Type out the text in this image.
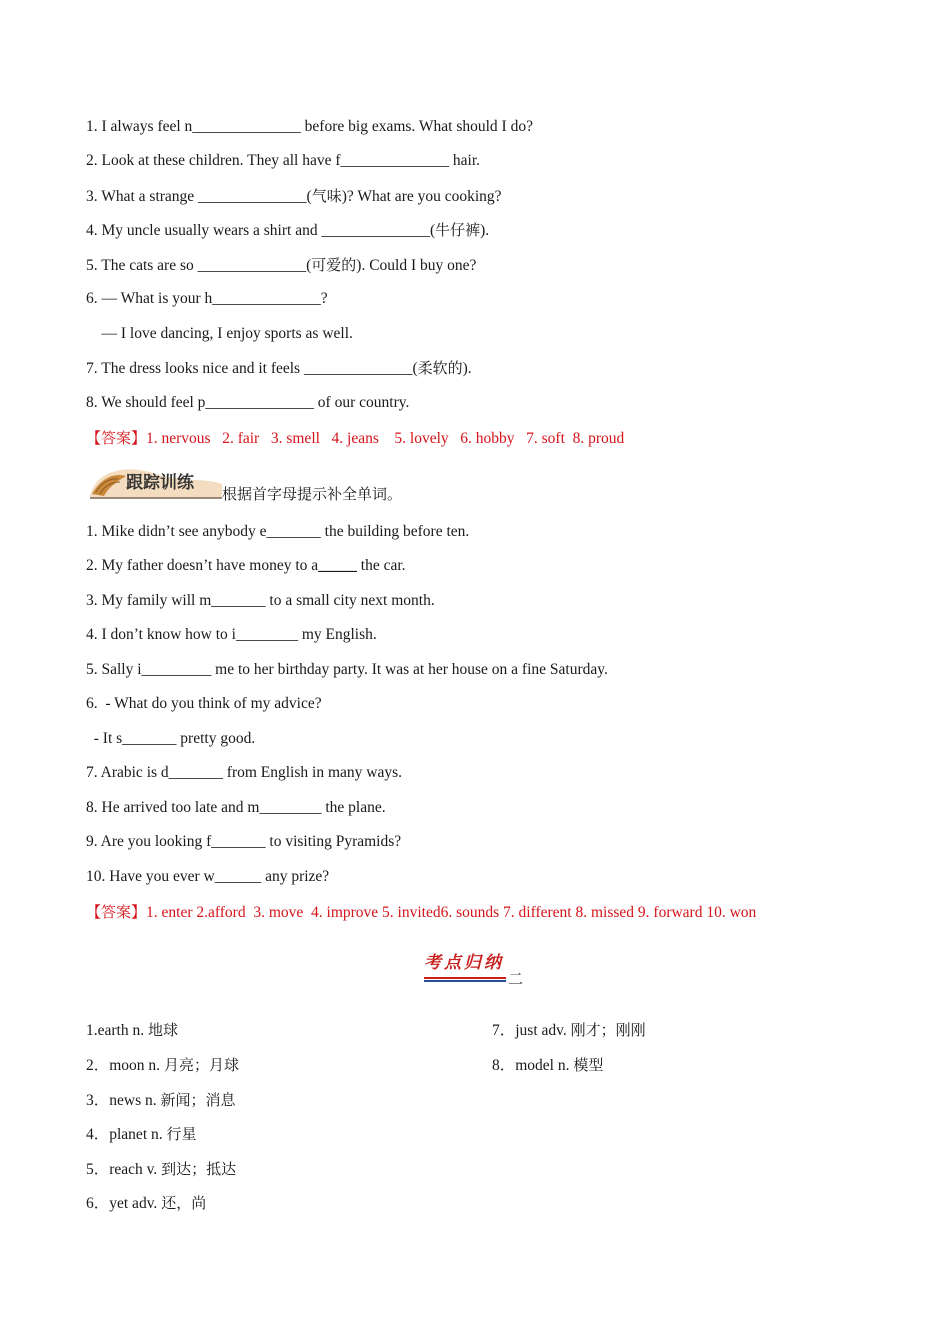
1. I always feel n______________ before big exams. What should I do?
2. Look at these children. They all have f______________ hair.
3. What a strange ______________(气味)? What are you cooking?
4. My uncle usually wears a shirt and ______________(牛仔裤).
5. The cats are so ______________(可爱的). Could I buy one?
6. — What is your h______________?
— I love dancing, I enjoy sports as well.
7. The dress looks nice and it feels ______________(柔软的).
8. We should feel p______________ of our country.
【答案】1. nervous   2. fair   3. smell   4. jeans    5. lovely   6. hobby   7. soft  8. proud
跟踪训练
根据首字母提示补全单词。
1. Mike didn’t see anybody e_______ the building before ten.
2. My father doesn’t have money to a_____ the car.
3. My family will m_______ to a small city next month.
4. I don’t know how to i________ my English.
5. Sally i_________ me to her birthday party. It was at her house on a fine Saturday.
6.  - What do you think of my advice?
- It s_______ pretty good.
7. Arabic is d_______ from English in many ways.
8. He arrived too late and m________ the plane.
9. Are you looking f_______ to visiting Pyramids?
10. Have you ever w______ any prize?
【答案】1. enter 2.afford  3. move  4. improve 5. invited6. sounds 7. different 8. missed 9. forward 10. won
考点归纳
二
1.earth n. 地球
2．moon n. 月亮；月球
3．news n. 新闻；消息
4．planet n. 行星
5．reach v. 到达；抵达
6．yet adv. 还，尚
7．just adv. 刚才；刚刚
8．model n. 模型
